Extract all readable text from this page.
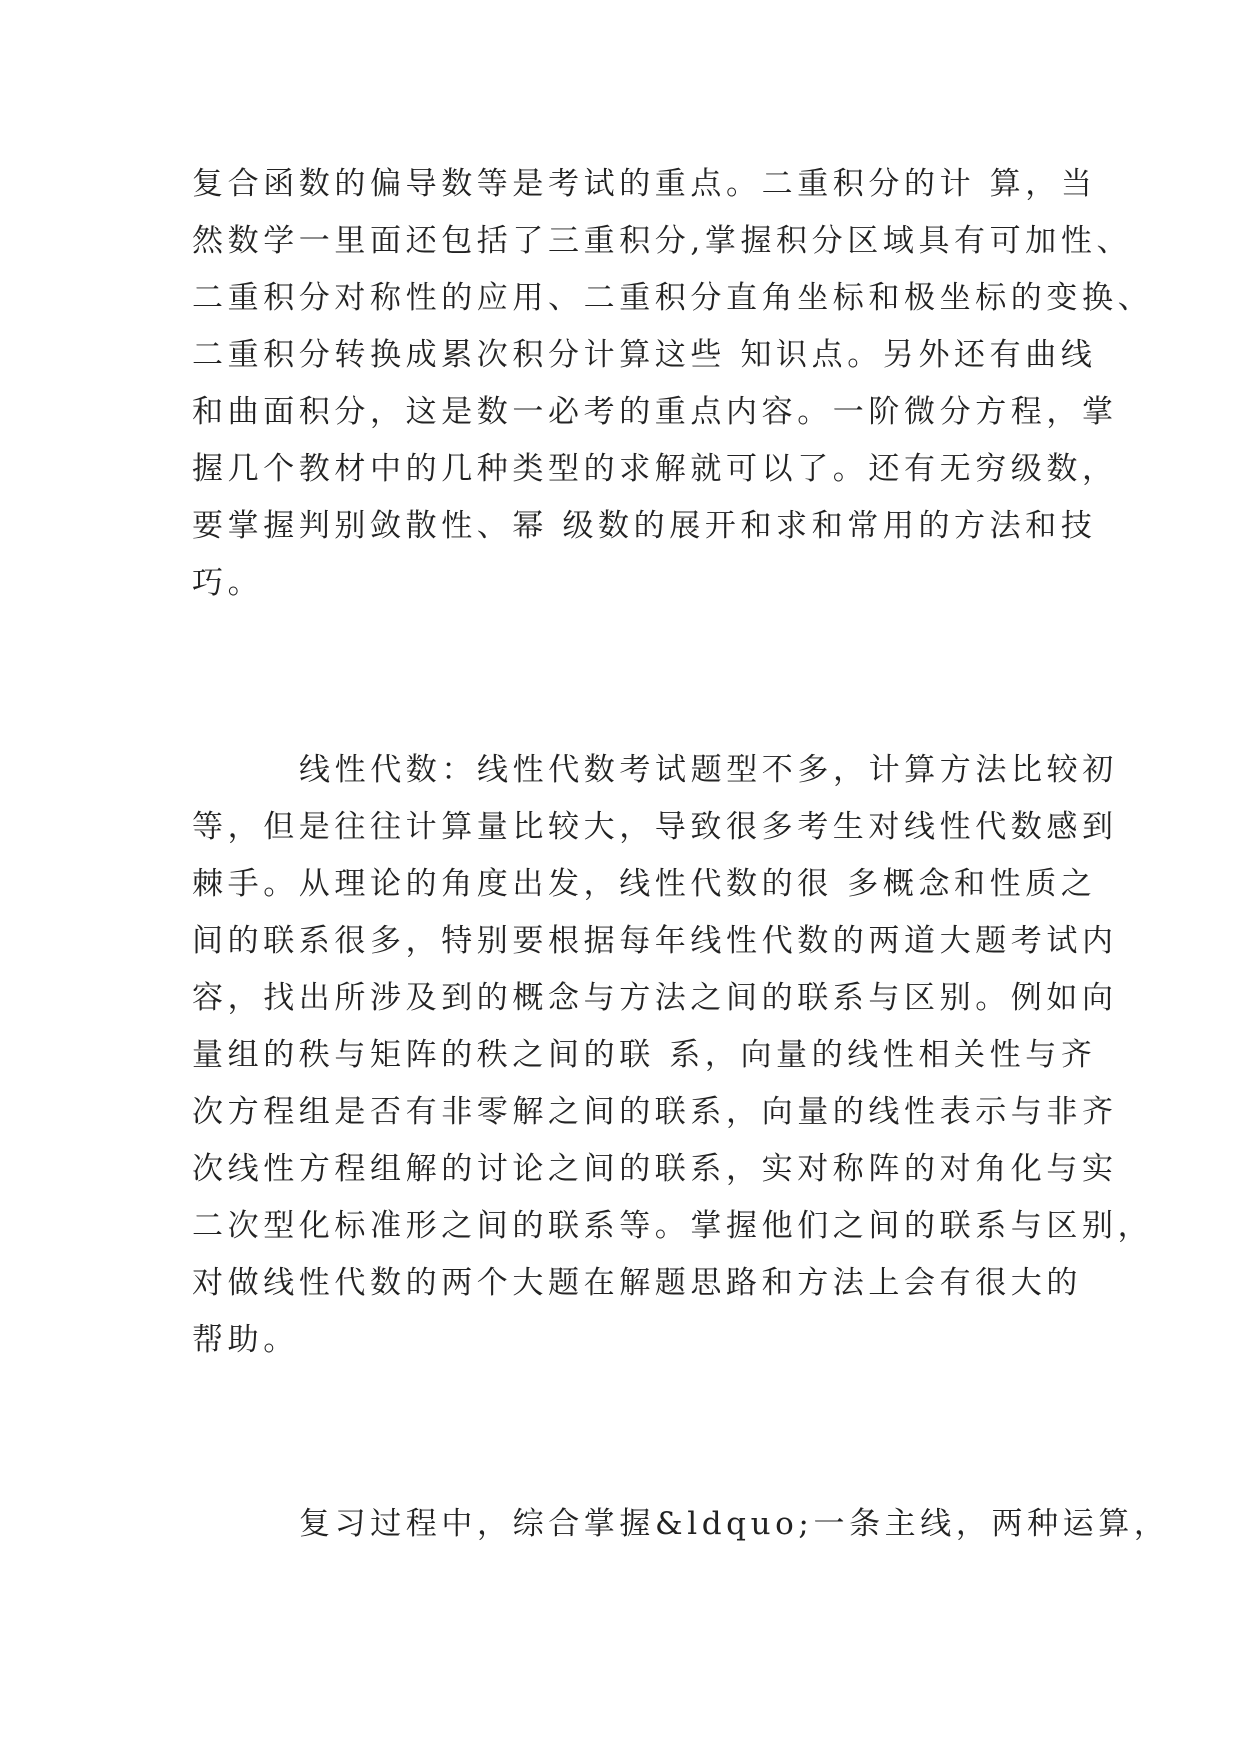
复合函数的偏导数等是考试的重点。二重积分的计 算，当
然数学一里面还包括了三重积分,掌握积分区域具有可加性、
二重积分对称性的应用、二重积分直角坐标和极坐标的变换、
二重积分转换成累次积分计算这些 知识点。另外还有曲线
和曲面积分，这是数一必考的重点内容。一阶微分方程，掌
握几个教材中的几种类型的求解就可以了。还有无穷级数，
要掌握判别敛散性、幂 级数的展开和求和常用的方法和技
巧。
线性代数：线性代数考试题型不多，计算方法比较初
等，但是往往计算量比较大，导致很多考生对线性代数感到
棘手。从理论的角度出发，线性代数的很 多概念和性质之
间的联系很多，特别要根据每年线性代数的两道大题考试内
容，找出所涉及到的概念与方法之间的联系与区别。例如向
量组的秩与矩阵的秩之间的联 系，向量的线性相关性与齐
次方程组是否有非零解之间的联系，向量的线性表示与非齐
次线性方程组解的讨论之间的联系，实对称阵的对角化与实
二次型化标准形之间的联系等。掌握他们之间的联系与区别，
对做线性代数的两个大题在解题思路和方法上会有很大的
帮助。
复习过程中，综合掌握&ldquo;一条主线，两种运算，
